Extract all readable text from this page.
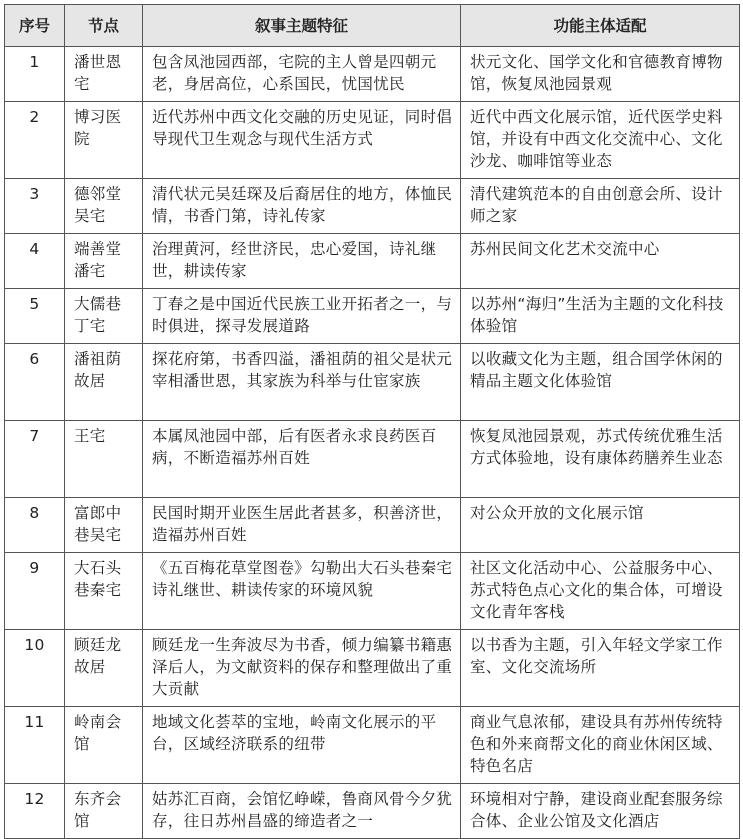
序号	节点	叙事主题特征	功能主体适配
1	潘世恩宅	包含凤池园西部，宅院的主人曾是四朝元老，身居高位，心系国民，忧国忧民	状元文化、国学文化和官德教育博物馆，恢复凤池园景观
2	博习医院	近代苏州中西文化交融的历史见证，同时倡导现代卫生观念与现代生活方式	近代中西文化展示馆，近代医学史料馆，并设有中西文化交流中心、文化沙龙、咖啡馆等业态
3	德邻堂吴宅	清代状元吴廷琛及后裔居住的地方，体恤民情，书香门第，诗礼传家	清代建筑范本的自由创意会所、设计师之家
4	端善堂潘宅	治理黄河，经世济民，忠心爱国，诗礼继世，耕读传家	苏州民间文化艺术交流中心
5	大儒巷丁宅	丁春之是中国近代民族工业开拓者之一，与时俱进，探寻发展道路	以苏州“海归”生活为主题的文化科技体验馆
6	潘祖荫故居	探花府第，书香四溢，潘祖荫的祖父是状元宰相潘世恩，其家族为科举与仕宦家族	以收藏文化为主题，组合国学休闲的精品主题文化体验馆
7	王宅	本属凤池园中部，后有医者永求良药医百病，不断造福苏州百姓	恢复凤池园景观，苏式传统优雅生活方式体验地，设有康体药膳养生业态
8	富郎中巷吴宅	民国时期开业医生居此者甚多，积善济世，造福苏州百姓	对公众开放的文化展示馆
9	大石头巷秦宅	《五百梅花草堂图卷》勾勒出大石头巷秦宅诗礼继世、耕读传家的环境风貌	社区文化活动中心、公益服务中心、苏式特色点心文化的集合体，可增设文化青年客栈
10	顾廷龙故居	顾廷龙一生奔波尽为书香，倾力编纂书籍惠泽后人，为文献资料的保存和整理做出了重大贡献	以书香为主题，引入年轻文学家工作室、文化交流场所
11	岭南会馆	地域文化荟萃的宝地，岭南文化展示的平台，区域经济联系的纽带	商业气息浓郁，建设具有苏州传统特色和外来商帮文化的商业休闲区域、特色名店
12	东齐会馆	姑苏汇百商，会馆忆峥嵘，鲁商风骨今夕犹存，往日苏州昌盛的缔造者之一	环境相对宁静，建设商业配套服务综合体、企业公馆及文化酒店
